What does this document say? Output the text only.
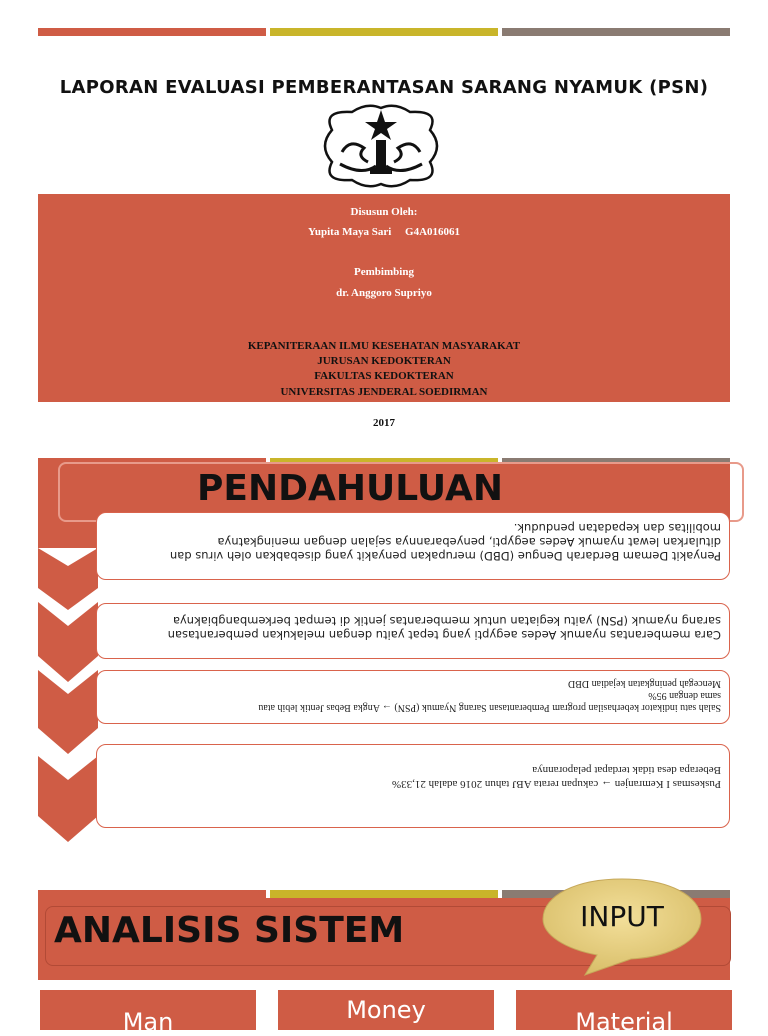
LAPORAN EVALUASI PEMBERANTASAN SARANG NYAMUK (PSN)
Disusun Oleh:
Yupita Maya Sari     G4A016061
Pembimbing
dr. Anggoro Supriyo
KEPANITERAAN ILMU KESEHATAN MASYARAKAT
JURUSAN KEDOKTERAN
FAKULTAS KEDOKTERAN
UNIVERSITAS JENDERAL SOEDIRMAN
2017
PENDAHULUAN
Penyakit Demam Berdarah Dengue (DBD) merupakan penyakit yang disebabkan oleh virus dan
ditularkan lewat nyamuk Aedes aegypti, penyebarannya sejalan dengan meningkatnya
mobilitas dan kepadatan penduduk.
Cara memberantas nyamuk Aedes aegypti yang tepat yaitu dengan melakukan pemberantasan
sarang nyamuk (PSN) yaitu kegiatan untuk memberantas jentik di tempat berkembangbiaknya
Salah satu indikator keberhasilan program Pemberantasan Sarang Nyamuk (PSN) → Angka Bebas Jentik lebih atau
sama dengan 95%
Mencegah peningkatan kejadian DBD
Puskesmas I Kemranjen → cakupan rerata ABJ tahun 2016 adalah 21,33%
Beberapa desa tidak terdapat pelaporannya
ANALISIS SISTEM	INPUT
Man	Money	Material
